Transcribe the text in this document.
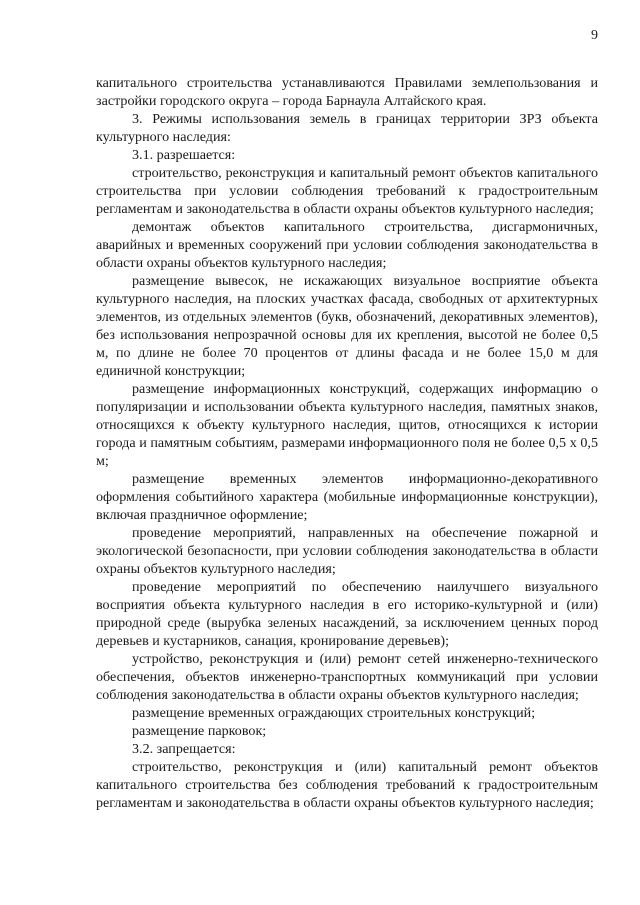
9

капитального строительства устанавливаются Правилами землепользования и застройки городского округа – города Барнаула Алтайского края.

3. Режимы использования земель в границах территории ЗРЗ объекта культурного наследия:

3.1. разрешается:

строительство, реконструкция и капитальный ремонт объектов капитального строительства при условии соблюдения требований к градостроительным регламентам и законодательства в области охраны объектов культурного наследия;

демонтаж объектов капитального строительства, дисгармоничных, аварийных и временных сооружений при условии соблюдения законодательства в области охраны объектов культурного наследия;

размещение вывесок, не искажающих визуальное восприятие объекта культурного наследия, на плоских участках фасада, свободных от архитектурных элементов, из отдельных элементов (букв, обозначений, декоративных элементов), без использования непрозрачной основы для их крепления, высотой не более 0,5 м, по длине не более 70 процентов от длины фасада и не более 15,0 м для единичной конструкции;

размещение информационных конструкций, содержащих информацию о популяризации и использовании объекта культурного наследия, памятных знаков, относящихся к объекту культурного наследия, щитов, относящихся к истории города и памятным событиям, размерами информационного поля не более 0,5 х 0,5 м;

размещение временных элементов информационно-декоративного оформления событийного характера (мобильные информационные конструкции), включая праздничное оформление;

проведение мероприятий, направленных на обеспечение пожарной и экологической безопасности, при условии соблюдения законодательства в области охраны объектов культурного наследия;

проведение мероприятий по обеспечению наилучшего визуального восприятия объекта культурного наследия в его историко-культурной и (или) природной среде (вырубка зеленых насаждений, за исключением ценных пород деревьев и кустарников, санация, кронирование деревьев);

устройство, реконструкция и (или) ремонт сетей инженерно-технического обеспечения, объектов инженерно-транспортных коммуникаций при условии соблюдения законодательства в области охраны объектов культурного наследия;

размещение временных ограждающих строительных конструкций;

размещение парковок;

3.2. запрещается:

строительство, реконструкция и (или) капитальный ремонт объектов капитального строительства без соблюдения требований к градостроительным регламентам и законодательства в области охраны объектов культурного наследия;
